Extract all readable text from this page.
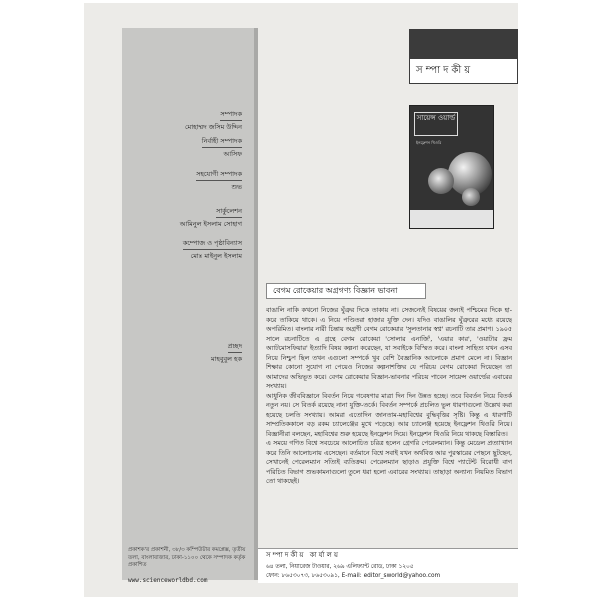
সম্পাদক
মোহাম্মদ জসিম উদ্দিন
নির্বাহী সম্পাদক
আসিফ
সহযোগী সম্পাদক
শুভ
সার্কুলেশন
আমিনুল ইসলাম সোহাগ
কম্পোজ ও পৃষ্ঠাবিন্যাস
মোঃ মাইনুল ইসলাম
প্রচ্ছদ
মাহবুবুল হক
প্রকাশক'র প্রকাশনী, ৩৮/৩ কম্পিউটার কমপ্লেক্স, তৃতীয় তলা, বাংলাবাজার, ঢাকা-১১০০ থেকে সম্পাদক কর্তৃক প্রকাশিত
www.scienceworldbd.com
সম্পাদকীয়
সায়েন্স ওয়ার্ল্ড
ইনফ্লেশন থিওরি
বেগম রোকেয়ার অগ্রগণ্য বিজ্ঞান ভাবনা

বাঙালি নাকি কখনো নিজের ঘুঁত্রুর দিকে তাকায় না। সেজন্যেই বিষয়ের জন্যই পশ্চিমের দিকে হা-করে তাকিয়ে থাকে। এ নিয়ে পণ্ডিতরা হাজার যুক্তি দেন। যদিও বাঙালির ঘুঁত্রুরের মধ্যে রয়েছে অপরিমিত। বাংলার নারী চিন্তায় অগ্রণী বেগম রোকেয়ার 'সুলতানার স্বপ্ন' রচনাটি তার প্রমাণ। ১৯০৫ সালে রচনাটিতে এ গ্রন্থে বেগম রোকেয়া 'সোলার এনার্জি', 'এয়ার কার', 'ওয়াটার ফ্রম অ্যাটমোসফিয়ার' ইত্যাদি বিষয় কল্পনা করেছেন, যা সবাইকে বিস্মিত করে। বাংলা সাহিত্য যখন এসব নিয়ে নিশ্চুপ ছিল তখন এগুলো সম্পর্কে খুব বেশি বৈজ্ঞানিক আলোকে প্রমাণ মেলে না। বিজ্ঞান শিক্ষার কোনো সুযোগ না পেয়েও নিজের কল্পনাশক্তির যে পরিচয় বেগম রোকেয়া দিয়েছেন তা আমাদের অভিভূত করে। বেগম রোকেয়ার বিজ্ঞান-ভাবনার পরিচয় পাবেন সায়েন্স ওয়ার্ল্ডের এবারের সংখ্যায়।

আধুনিক জীববিজ্ঞানে বিবর্তন নিয়ে গবেষণার মাত্রা দিন দিন উন্নত হচ্ছে। তবে বিবর্তন নিয়ে বিতর্ক নতুন নয়। সে বিতর্ক রয়েছে নানা যুক্তি-তর্কে। বিবর্তন সম্পর্কে প্রচলিত ভুল ধারণাগুলো উল্লেখ করা হয়েছে চলতি সংখ্যায়। আমরা এতোদিন জানতাম-মহাবিশ্বের বুদ্ধিবৃত্তির সৃষ্টি। কিন্তু এ ধারণাটি সাম্প্রতিককালে বড় রকম চ্যালেঞ্জের মুখে পড়েছে। আর চ্যালেঞ্জ হয়েছে ইনফ্লেশন থিওরি নিয়ে। বিজ্ঞানীরা বলছেন, মহাবিশ্বের শুরু হয়েছে ইনফ্লেশন দিয়ে। ইনফ্লেশন থিওরি নিয়ে থাকছে বিস্তারিত।

এ সময়ে গণিত বিশ্বে সবচেয়ে আলোচিত চরিত্র হলেন গ্রেগরি পেরেলম্যান। কিন্তু মেডেল প্রত্যাখ্যান করে তিনি আলোচনায় এসেছেন। বর্তমানে বিশ্বে সবাই যখন অর্থবিত্ত আর পুরস্কারের পেছনে ছুটছেন, সেখানেই পেরেলম্যান সত্যিই ব্যতিক্রম। পেরেলম্যান ছাড়াও প্রযুক্তি বিশ্বে প্যাটেন্ট বিরোধী বাগ পরিচিত বিভাগ শুভকামনাগুলো তুলে ধরা হলো এবারের সংখ্যায়। তাছাড়া অন্যান্য নিয়মিত বিভাগ তো থাকছেই।

সম্পাদকীয় কার্যালয়
৬৪ তলা, নিয়ারেজ টাওয়ার, ২৬৯ এলিফ্যান্ট রোড, ঢাকা ১২০৫
ফোন: ৮৬৫৩০৭৩, ৮৬৫৩০৯১, E-mail: editor_sworld@yahoo.com
